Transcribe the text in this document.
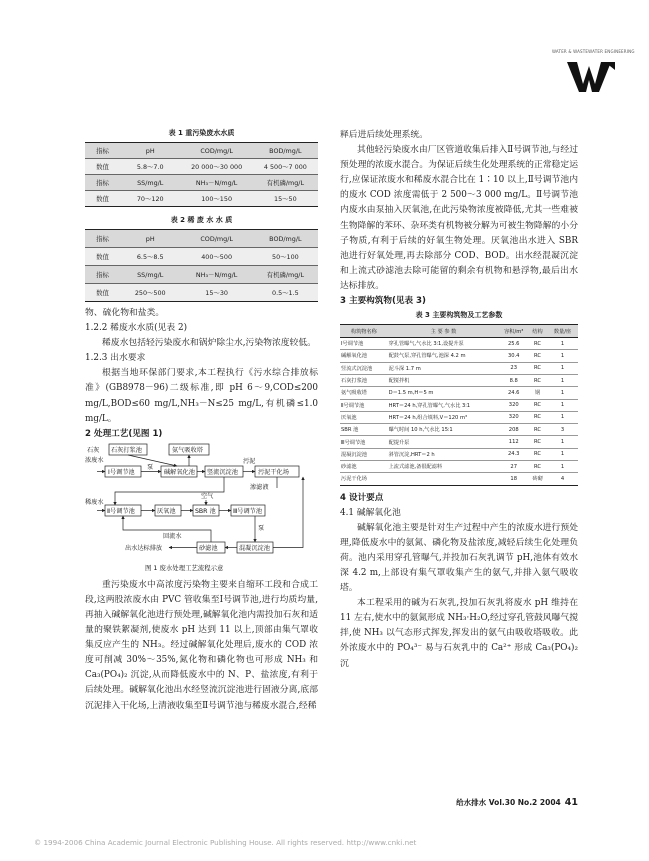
WATER & WASTEWATER ENGINEERING
表 1 重污染废水水质
指标	pH	COD/mg/L	BOD/mg/L
数值	5.8～7.0	20 000～30 000	4 500～7 000
指标	SS/mg/L	NH₃－N/mg/L	有机磷/mg/L
数值	70～120	100～150	15～50
表 2 稀 废 水 水 质
指标	pH	COD/mg/L	BOD/mg/L
数值	6.5～8.5	400～500	50～100
指标	SS/mg/L	NH₃－N/mg/L	有机磷/mg/L
数值	250～500	15～30	0.5～1.5

物、硫化物和盐类。

1.2.2 稀废水水质(见表 2)

稀废水包括轻污染废水和锅炉除尘水,污染物浓度较低。

1.2.3 出水要求

根据当地环保部门要求,本工程执行《污水综合排放标准》(GB8978－96)二级标准,即 pH 6～9,COD≤200 mg/L,BOD≤60 mg/L,NH₃－N≤25 mg/L,有机磷≤1.0 mg/L。

2 处理工艺(见图 1)

石灰
浓废水
石灰打浆池	氨气吸收塔
Ⅰ号调节池
泵
碱解氧化池 竖流沉淀池
污泥
污泥干化场
渗滤液
空气
稀废水
Ⅱ号调节池	厌氧池	SBR 池	Ⅲ号调节池
泵
回流水
出水达标排放	砂滤池	混凝沉淀池
图 1 废水处理工艺流程示意

重污染废水中高浓度污染物主要来自缩环工段和合成工段,这两股浓废水由 PVC 管收集至Ⅰ号调节池,进行均质均量,再抽入碱解氧化池进行预处理,碱解氧化池内需投加石灰和适量的聚铁絮凝剂,使废水 pH 达到 11 以上,顶部由集气罩收集反应产生的 NH₃。经过碱解氧化处理后,废水的 COD 浓度可削减 30%～35%,氮化物和磷化物也可形成 NH₃ 和 Ca₃(PO₄)₂ 沉淀,从而降低废水中的 N、P、盐浓度,有利于后续处理。碱解氧化池出水经竖流沉淀池进行固液分离,底部沉泥排入干化场,上清液收集至Ⅱ号调节池与稀废水混合,经稀

释后进后续处理系统。

其他轻污染废水由厂区管道收集后排入Ⅱ号调节池,与经过预处理的浓废水混合。为保证后续生化处理系统的正常稳定运行,应保证浓废水和稀废水混合比在 1∶10 以上,Ⅱ号调节池内的废水 COD 浓度需低于 2 500～3 000 mg/L。Ⅱ号调节池内废水由泵抽入厌氧池,在此污染物浓度被降低,尤其一些难被生物降解的苯环、杂环类有机物被分解为可被生物降解的小分子物质,有利于后续的好氧生物处理。厌氧池出水进入 SBR 池进行好氧处理,再去除部分 COD、BOD。出水经混凝沉淀和上流式砂滤池去除可能留的剩余有机物和悬浮物,最后出水达标排放。

3 主要构筑物(见表 3)

表 3 主要构筑物及工艺参数
构筑物名称	主 要 参 数	容积/m³	结构	数量/座
Ⅰ号调节池	穿孔管曝气,气水比 3∶1,设提升泵	25.6	RC	1
碱解氧化池	配鼓气泵,穿孔管曝气,池深 4.2 m	30.4	RC	1
竖流式沉淀池	泥斗深 1.7 m	23	RC	1
石灰打浆池	配搅拌机	8.8	RC	1
氨气吸收塔	D＝1.5 m,H＝5 m	24.6	钢	1
Ⅱ号调节池	HRT＝24 h,穿孔管曝气,气水比 3∶1	320	RC	1
厌氧池	HRT＝24 h,组合填料,V＝120 m³	320	RC	1
SBR 池	曝气时间 10 h,气水比 15∶1	208	RC	3
Ⅲ号调节池	配提升泵	112	RC	1
混凝沉淀池	斜管沉淀,HRT＝2 h	24.3	RC	1
砂滤池	上流式滤池,备很配滤料	27	RC	1
污泥干化场		18	砖砌	4

4 设计要点

4.1 碱解氧化池

碱解氧化池主要是针对生产过程中产生的浓废水进行预处理,降低废水中的氨氮、磷化物及盐浓度,减轻后续生化处理负荷。池内采用穿孔管曝气,并投加石灰乳调节 pH,池体有效水深 4.2 m,上部设有集气罩收集产生的氨气,并排入氨气吸收塔。

本工程采用的碱为石灰乳,投加石灰乳将废水 pH 维持在 11 左右,使水中的氨氮形成 NH₃·H₂O,经过穿孔管鼓风曝气搅拌,使 NH₃ 以气态形式挥发,挥发出的氨气由吸收塔吸收。此外浓废水中的 PO₄³⁻ 易与石灰乳中的 Ca²⁺ 形成 Ca₃(PO₄)₂ 沉

给水排水 Vol.30 No.2 2004 41
© 1994-2006 China Academic Journal Electronic Publishing House. All rights reserved. http://www.cnki.net
